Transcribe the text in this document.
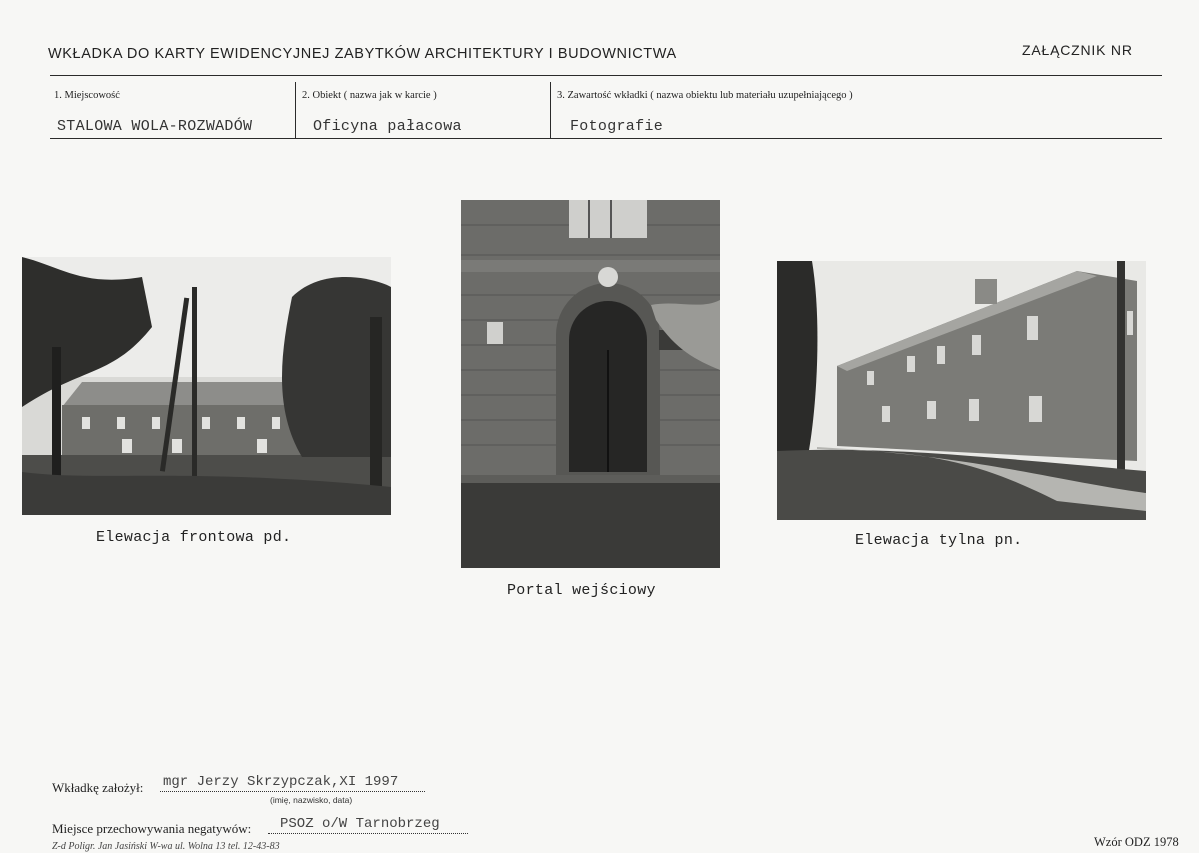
WKŁADKA DO KARTY EWIDENCYJNEJ ZABYTKÓW ARCHITEKTURY I BUDOWNICTWA	ZAŁĄCZNIK NR
1. Miejscowość
STALOWA WOLA-ROZWADÓW
2. Obiekt ( nazwa jak w karcie )
Oficyna pałacowa
3. Zawartość wkładki ( nazwa obiektu lub materiału uzupełniającego )
Fotografie
Elewacja frontowa pd.
Portal wejściowy
Elewacja tylna pn.
Wkładkę założył: mgr Jerzy Skrzypczak,XI 1997
(imię, nazwisko, data)
Miejsce przechowywania negatywów: PSOZ o/W Tarnobrzeg
Z-d Poligr. Jan Jasiński W-wa ul. Wolna 13 tel. 12-43-83	Wzór ODZ 1978
